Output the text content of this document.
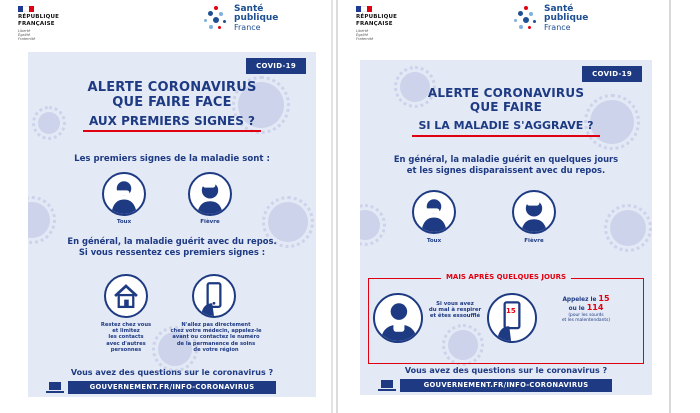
RÉPUBLIQUE
FRANÇAISE
Liberté
Égalité
Fraternité
Santé
publique
France
COVID-19
ALERTE CORONAVIRUS
QUE FAIRE FACE
AUX PREMIERS SIGNES ?
Les premiers signes de la maladie sont :
Toux	Fièvre
En général, la maladie guérit avec du repos.
Si vous ressentez ces premiers signes :
Restez chez vous
et limitez
les contacts
avec d'autres
personnes
N'allez pas directement
chez votre médecin, appelez-le
avant ou contactez le numéro
de la permanence de soins
de votre région
Vous avez des questions sur le coronavirus ?
GOUVERNEMENT.FR/INFO-CORONAVIRUS
RÉPUBLIQUE
FRANÇAISE
Liberté
Égalité
Fraternité
Santé
publique
France
COVID-19
ALERTE CORONAVIRUS
QUE FAIRE
SI LA MALADIE S'AGGRAVE ?
En général, la maladie guérit en quelques jours
et les signes disparaissent avec du repos.
Toux	Fièvre
MAIS APRÈS QUELQUES JOURS
Si vous avez
du mal à respirer
et êtes essoufflé
15
Appelez le 15
ou le 114
(pour les sourds
et les malentendants)
Vous avez des questions sur le coronavirus ?
GOUVERNEMENT.FR/INFO-CORONAVIRUS
